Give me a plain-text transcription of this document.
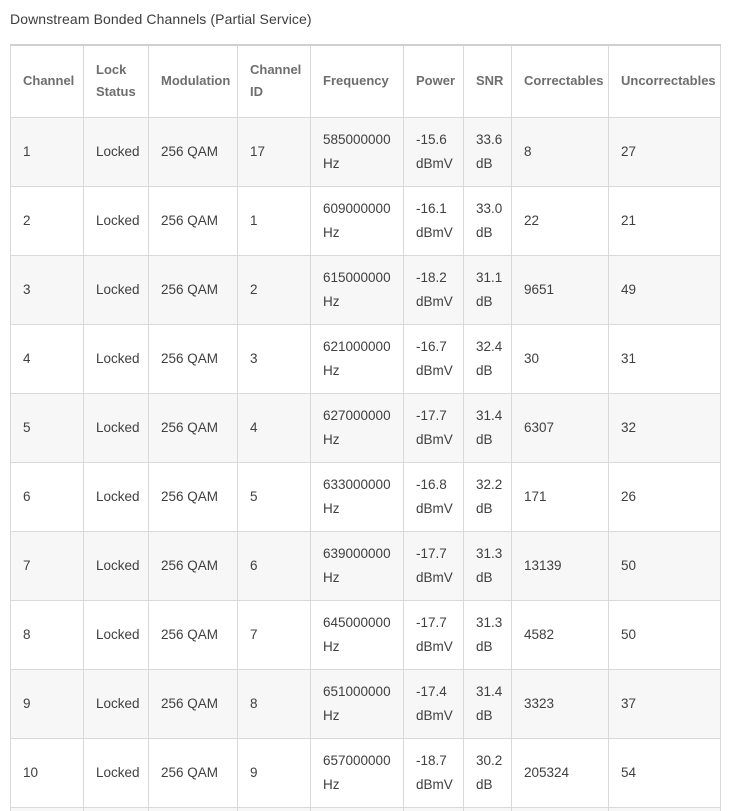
Downstream Bonded Channels (Partial Service)
Channel	Lock Status	Modulation	Channel ID	Frequency	Power	SNR	Correctables	Uncorrectables
1	Locked	256 QAM	17	585000000 Hz	-15.6 dBmV	33.6 dB	8	27
2	Locked	256 QAM	1	609000000 Hz	-16.1 dBmV	33.0 dB	22	21
3	Locked	256 QAM	2	615000000 Hz	-18.2 dBmV	31.1 dB	9651	49
4	Locked	256 QAM	3	621000000 Hz	-16.7 dBmV	32.4 dB	30	31
5	Locked	256 QAM	4	627000000 Hz	-17.7 dBmV	31.4 dB	6307	32
6	Locked	256 QAM	5	633000000 Hz	-16.8 dBmV	32.2 dB	171	26
7	Locked	256 QAM	6	639000000 Hz	-17.7 dBmV	31.3 dB	13139	50
8	Locked	256 QAM	7	645000000 Hz	-17.7 dBmV	31.3 dB	4582	50
9	Locked	256 QAM	8	651000000 Hz	-17.4 dBmV	31.4 dB	3323	37
10	Locked	256 QAM	9	657000000 Hz	-18.7 dBmV	30.2 dB	205324	54
